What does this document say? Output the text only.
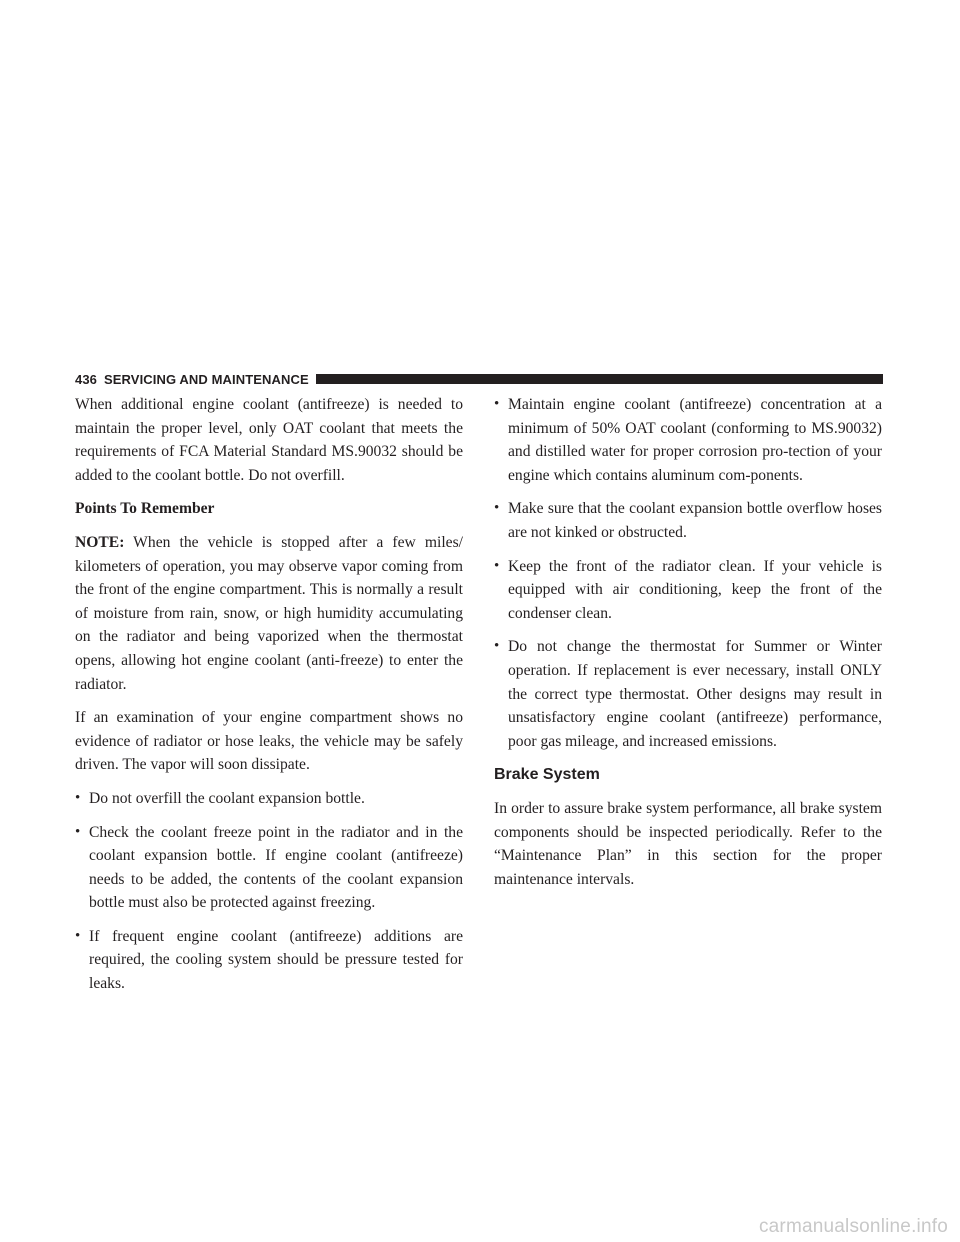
436 SERVICING AND MAINTENANCE

When additional engine coolant (antifreeze) is needed to maintain the proper level, only OAT coolant that meets the requirements of FCA Material Standard MS.90032 should be added to the coolant bottle. Do not overfill.

Points To Remember

NOTE: When the vehicle is stopped after a few miles/ kilometers of operation, you may observe vapor coming from the front of the engine compartment. This is normally a result of moisture from rain, snow, or high humidity accumulating on the radiator and being vaporized when the thermostat opens, allowing hot engine coolant (anti-freeze) to enter the radiator.

If an examination of your engine compartment shows no evidence of radiator or hose leaks, the vehicle may be safely driven. The vapor will soon dissipate.

• Do not overfill the coolant expansion bottle.
• Check the coolant freeze point in the radiator and in the coolant expansion bottle. If engine coolant (antifreeze) needs to be added, the contents of the coolant expansion bottle must also be protected against freezing.
• If frequent engine coolant (antifreeze) additions are required, the cooling system should be pressure tested for leaks.
• Maintain engine coolant (antifreeze) concentration at a minimum of 50% OAT coolant (conforming to MS.90032) and distilled water for proper corrosion pro-tection of your engine which contains aluminum com-ponents.
• Make sure that the coolant expansion bottle overflow hoses are not kinked or obstructed.
• Keep the front of the radiator clean. If your vehicle is equipped with air conditioning, keep the front of the condenser clean.
• Do not change the thermostat for Summer or Winter operation. If replacement is ever necessary, install ONLY the correct type thermostat. Other designs may result in unsatisfactory engine coolant (antifreeze) performance, poor gas mileage, and increased emissions.
Brake System

In order to assure brake system performance, all brake system components should be inspected periodically. Refer to the “Maintenance Plan” in this section for the proper maintenance intervals.

carmanualsonline.info
